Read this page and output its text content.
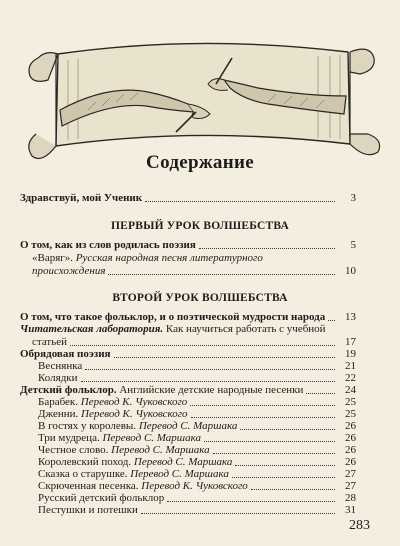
Содержание
Здравствуй, мой Ученик	3
ПЕРВЫЙ УРОК ВОЛШЕБСТВА
О том, как из слов родилась поэзия	5
«Варяг». Русская народная песня литературного
происхождения	10
ВТОРОЙ УРОК ВОЛШЕБСТВА
О том, что такое фольклор, и о поэтической мудрости народа	13
Читательская лаборатория. Как научиться работать с учебной
статьей	17
Обрядовая поэзия	19
Веснянка	21
Колядки	22
Детский фольклор. Английские детские народные песенки	24
Барабек. Перевод К. Чуковского	25
Дженни. Перевод К. Чуковского	25
В гостях у королевы. Перевод С. Маршака	26
Три мудреца. Перевод С. Маршака	26
Честное слово. Перевод С. Маршака	26
Королевский поход. Перевод С. Маршака	26
Сказка о старушке. Перевод С. Маршака	27
Скрюченная песенка. Перевод К. Чуковского	27
Русский детский фольклор	28
Пестушки и потешки	31
283
